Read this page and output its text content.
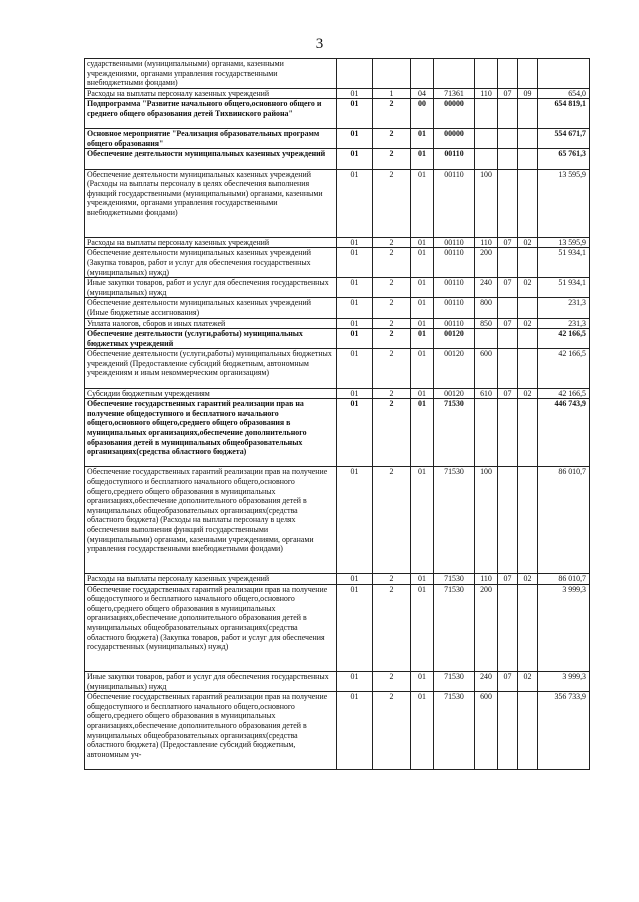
3
сударственными (муниципальными) органами, казенными учреждениями, органами управления государственными внебюджетными фондами)								
Расходы на выплаты персоналу казенных учреждений	01	1	04	71361	110	07	09	654,0
Подпрограмма "Развитие начального общего,основного общего и среднего общего образования детей Тихвинского района"	01	2	00	00000				654 819,1
Основное мероприятие "Реализация образовательных программ общего образования"	01	2	01	00000				554 671,7
Обеспечение деятельности муниципальных казенных учреждений	01	2	01	00110				65 761,3
Обеспечение деятельности муниципальных казенных учреждений (Расходы на выплаты персоналу в целях обеспечения выполнения функций государственными (муниципальными) органами, казенными учреждениями, органами управления государственными внебюджетными фондами)	01	2	01	00110	100			13 595,9
Расходы на выплаты персоналу казенных учреждений	01	2	01	00110	110	07	02	13 595,9
Обеспечение деятельности муниципальных казенных учреждений (Закупка товаров, работ и услуг для обеспечения государственных (муниципальных) нужд)	01	2	01	00110	200			51 934,1
Иные закупки товаров, работ и услуг для обеспечения государственных (муниципальных) нужд	01	2	01	00110	240	07	02	51 934,1
Обеспечение деятельности муниципальных казенных учреждений (Иные бюджетные ассигнования)	01	2	01	00110	800			231,3
Уплата налогов, сборов и иных платежей	01	2	01	00110	850	07	02	231,3
Обеспечение деятельности (услуги,работы) муниципальных бюджетных учреждений	01	2	01	00120				42 166,5
Обеспечение деятельности (услуги,работы) муниципальных бюджетных учреждений (Предоставление субсидий бюджетным, автономным учреждениям и иным некоммерческим организациям)	01	2	01	00120	600			42 166,5
Субсидии бюджетным учреждениям	01	2	01	00120	610	07	02	42 166,5
Обеспечение государственных гарантий реализации прав на получение общедоступного и бесплатного начального общего,основного общего,среднего общего образования в муниципальных организациях,обеспечение дополнительного образования детей в муниципальных общеобразовательных организациях(средства областного бюджета)	01	2	01	71530				446 743,9
Обеспечение государственных гарантий реализации прав на получение общедоступного и бесплатного начального общего,основного общего,среднего общего образования в муниципальных организациях,обеспечение дополнительного образования детей в муниципальных общеобразовательных организациях(средства областного бюджета) (Расходы на выплаты персоналу в целях обеспечения выполнения функций государственными (муниципальными) органами, казенными учреждениями, органами управления государственными внебюджетными фондами)	01	2	01	71530	100			86 010,7
Расходы на выплаты персоналу казенных учреждений	01	2	01	71530	110	07	02	86 010,7
Обеспечение государственных гарантий реализации прав на получение общедоступного и бесплатного начального общего,основного общего,среднего общего образования в муниципальных организациях,обеспечение дополнительного образования детей в муниципальных общеобразовательных организациях(средства областного бюджета) (Закупка товаров, работ и услуг для обеспечения государственных (муниципальных) нужд)	01	2	01	71530	200			3 999,3
Иные закупки товаров, работ и услуг для обеспечения государственных (муниципальных) нужд	01	2	01	71530	240	07	02	3 999,3
Обеспечение государственных гарантий реализации прав на получение общедоступного и бесплатного начального общего,основного общего,среднего общего образования в муниципальных организациях,обеспечение дополнительного образования детей в муниципальных общеобразовательных организациях(средства областного бюджета) (Предоставление субсидий бюджетным, автономным уч-	01	2	01	71530	600			356 733,9
